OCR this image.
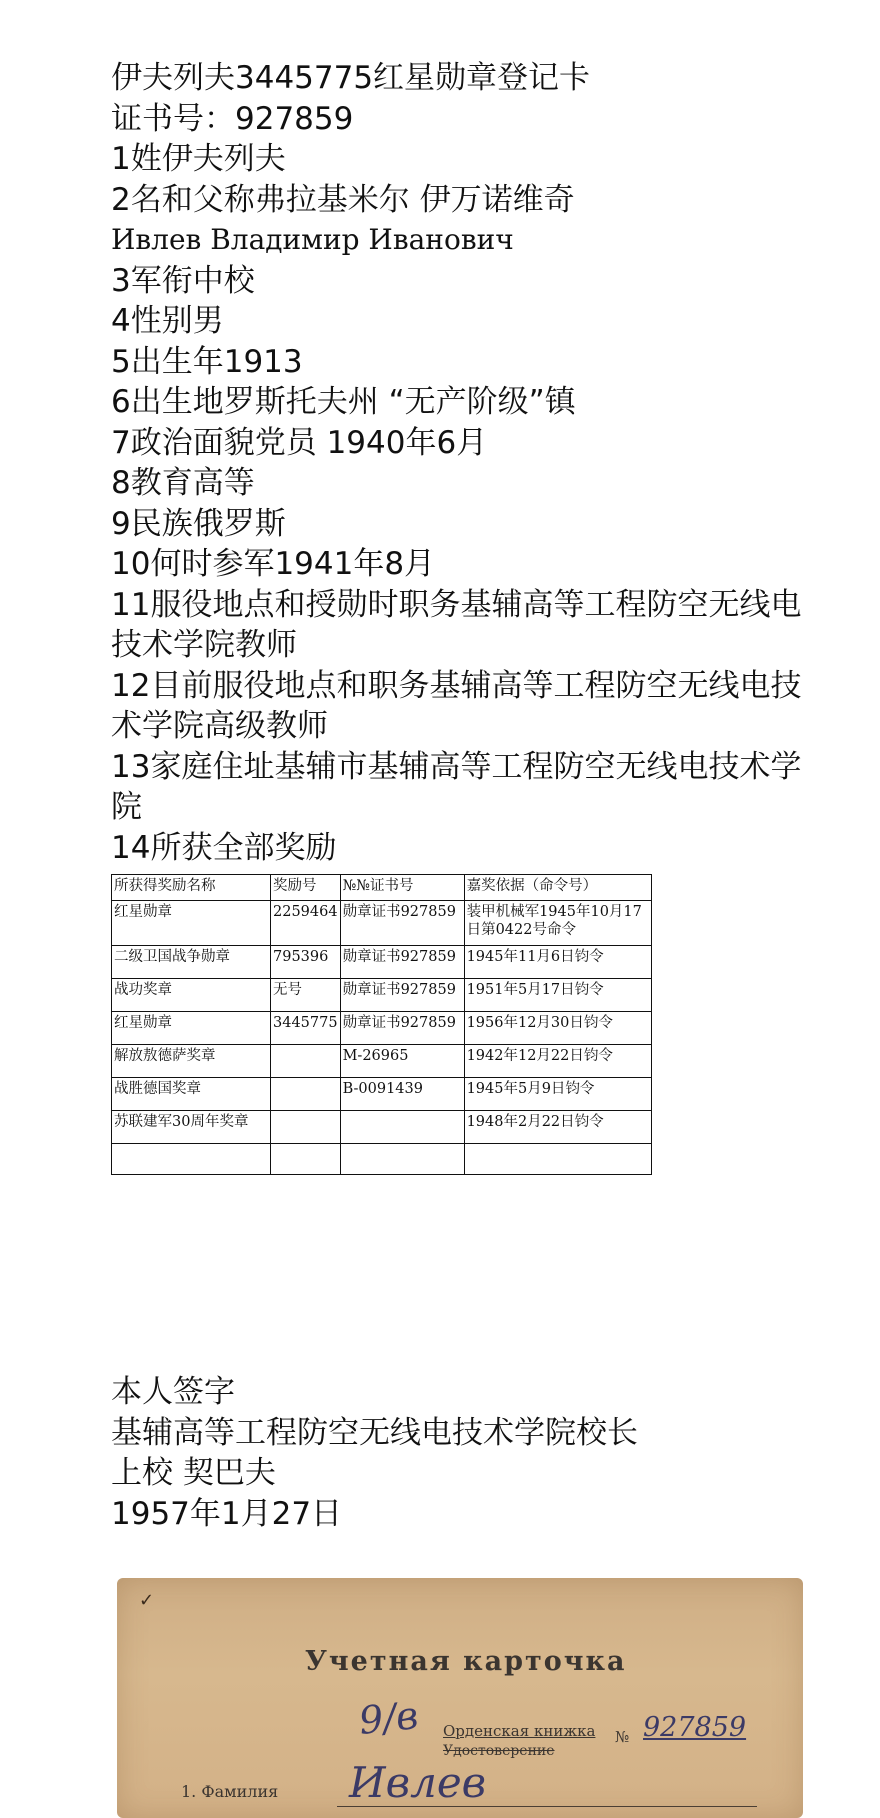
伊夫列夫3445775红星勋章登记卡
证书号：927859
1姓伊夫列夫
2名和父称弗拉基米尔 伊万诺维奇
Ивлев Владимир Иванович
3军衔中校
4性别男
5出生年1913
6出生地罗斯托夫州 “无产阶级”镇
7政治面貌党员 1940年6月
8教育高等
9民族俄罗斯
10何时参军1941年8月
11服役地点和授勋时职务基辅高等工程防空无线电技术学院教师
12目前服役地点和职务基辅高等工程防空无线电技术学院高级教师
13家庭住址基辅市基辅高等工程防空无线电技术学院
14所获全部奖励
所获得奖励名称	奖励号	№№证书号	嘉奖依据（命令号）
红星勋章	2259464	勋章证书927859	装甲机械军1945年10月17日第0422号命令
二级卫国战争勋章	795396	勋章证书927859	1945年11月6日钧令
战功奖章	无号	勋章证书927859	1951年5月17日钧令
红星勋章	3445775	勋章证书927859	1956年12月30日钧令
解放敖德萨奖章		M-26965	1942年12月22日钧令
战胜德国奖章		B-0091439	1945年5月9日钧令
苏联建军30周年奖章			1948年2月22日钧令

本人签字
基辅高等工程防空无线电技术学院校长
上校 契巴夫
1957年1月27日
✓
Учетная карточка
9/в Орденская книжка
Удостоверение
№ 927859
1. Фамилия Ивлев
